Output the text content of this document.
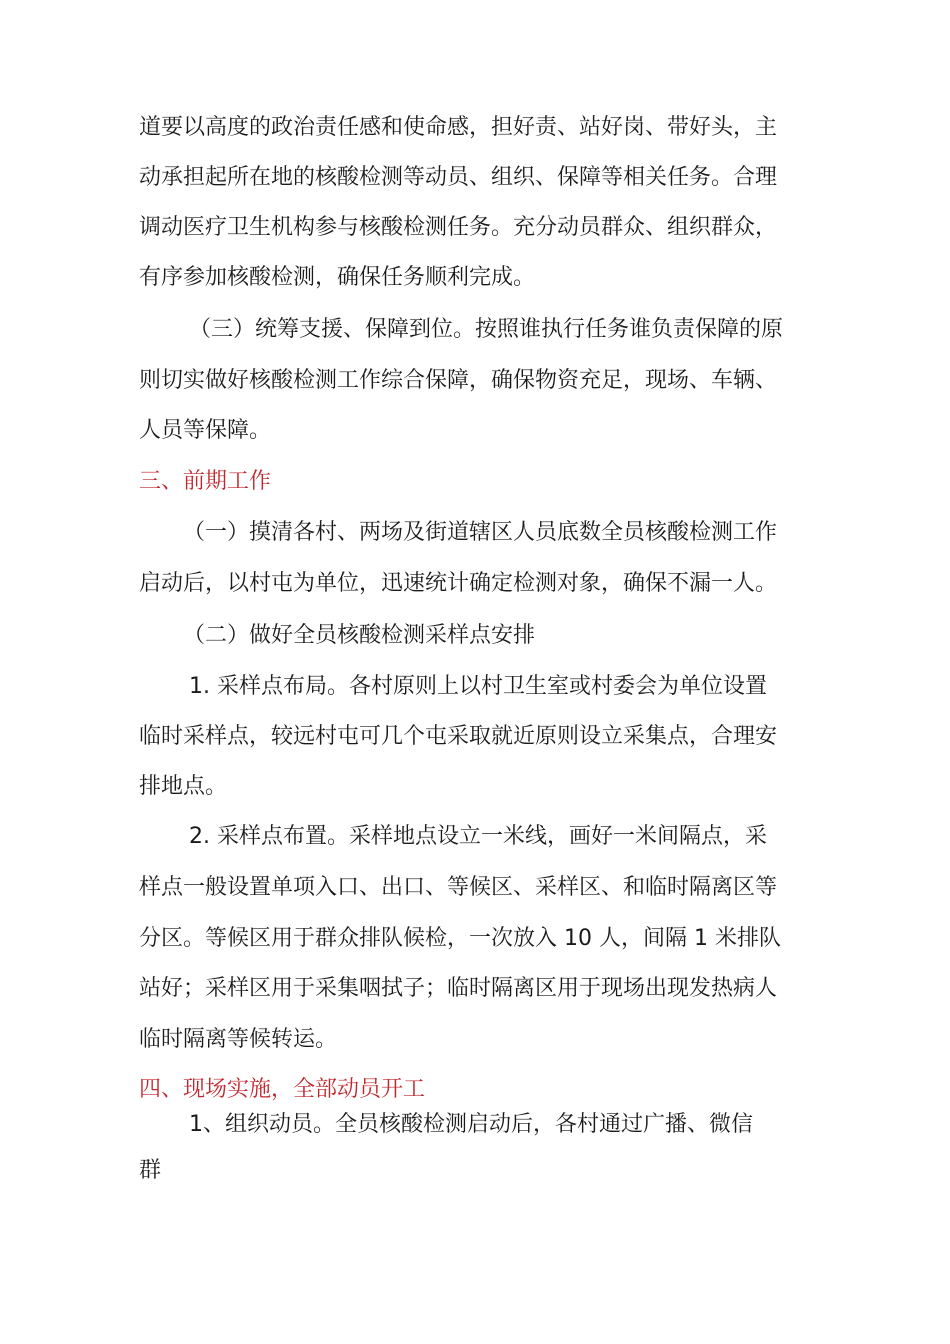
道要以高度的政治责任感和使命感，担好责、站好岗、带好头，主
动承担起所在地的核酸检测等动员、组织、保障等相关任务。合理
调动医疗卫生机构参与核酸检测任务。充分动员群众、组织群众，
有序参加核酸检测，确保任务顺利完成。
（三）统筹支援、保障到位。按照谁执行任务谁负责保障的原
则切实做好核酸检测工作综合保障，确保物资充足，现场、车辆、
人员等保障。
三、前期工作
（一）摸清各村、两场及街道辖区人员底数全员核酸检测工作
启动后，以村屯为单位，迅速统计确定检测对象，确保不漏一人。
（二）做好全员核酸检测采样点安排
1. 采样点布局。各村原则上以村卫生室或村委会为单位设置
临时采样点，较远村屯可几个屯采取就近原则设立采集点，合理安
排地点。
2. 采样点布置。采样地点设立一米线，画好一米间隔点，采
样点一般设置单项入口、出口、等候区、采样区、和临时隔离区等
分区。等候区用于群众排队候检，一次放入 10 人，间隔 1 米排队
站好；采样区用于采集咽拭子；临时隔离区用于现场出现发热病人
临时隔离等候转运。
四、现场实施，全部动员开工
1、组织动员。全员核酸检测启动后，各村通过广播、微信
群
